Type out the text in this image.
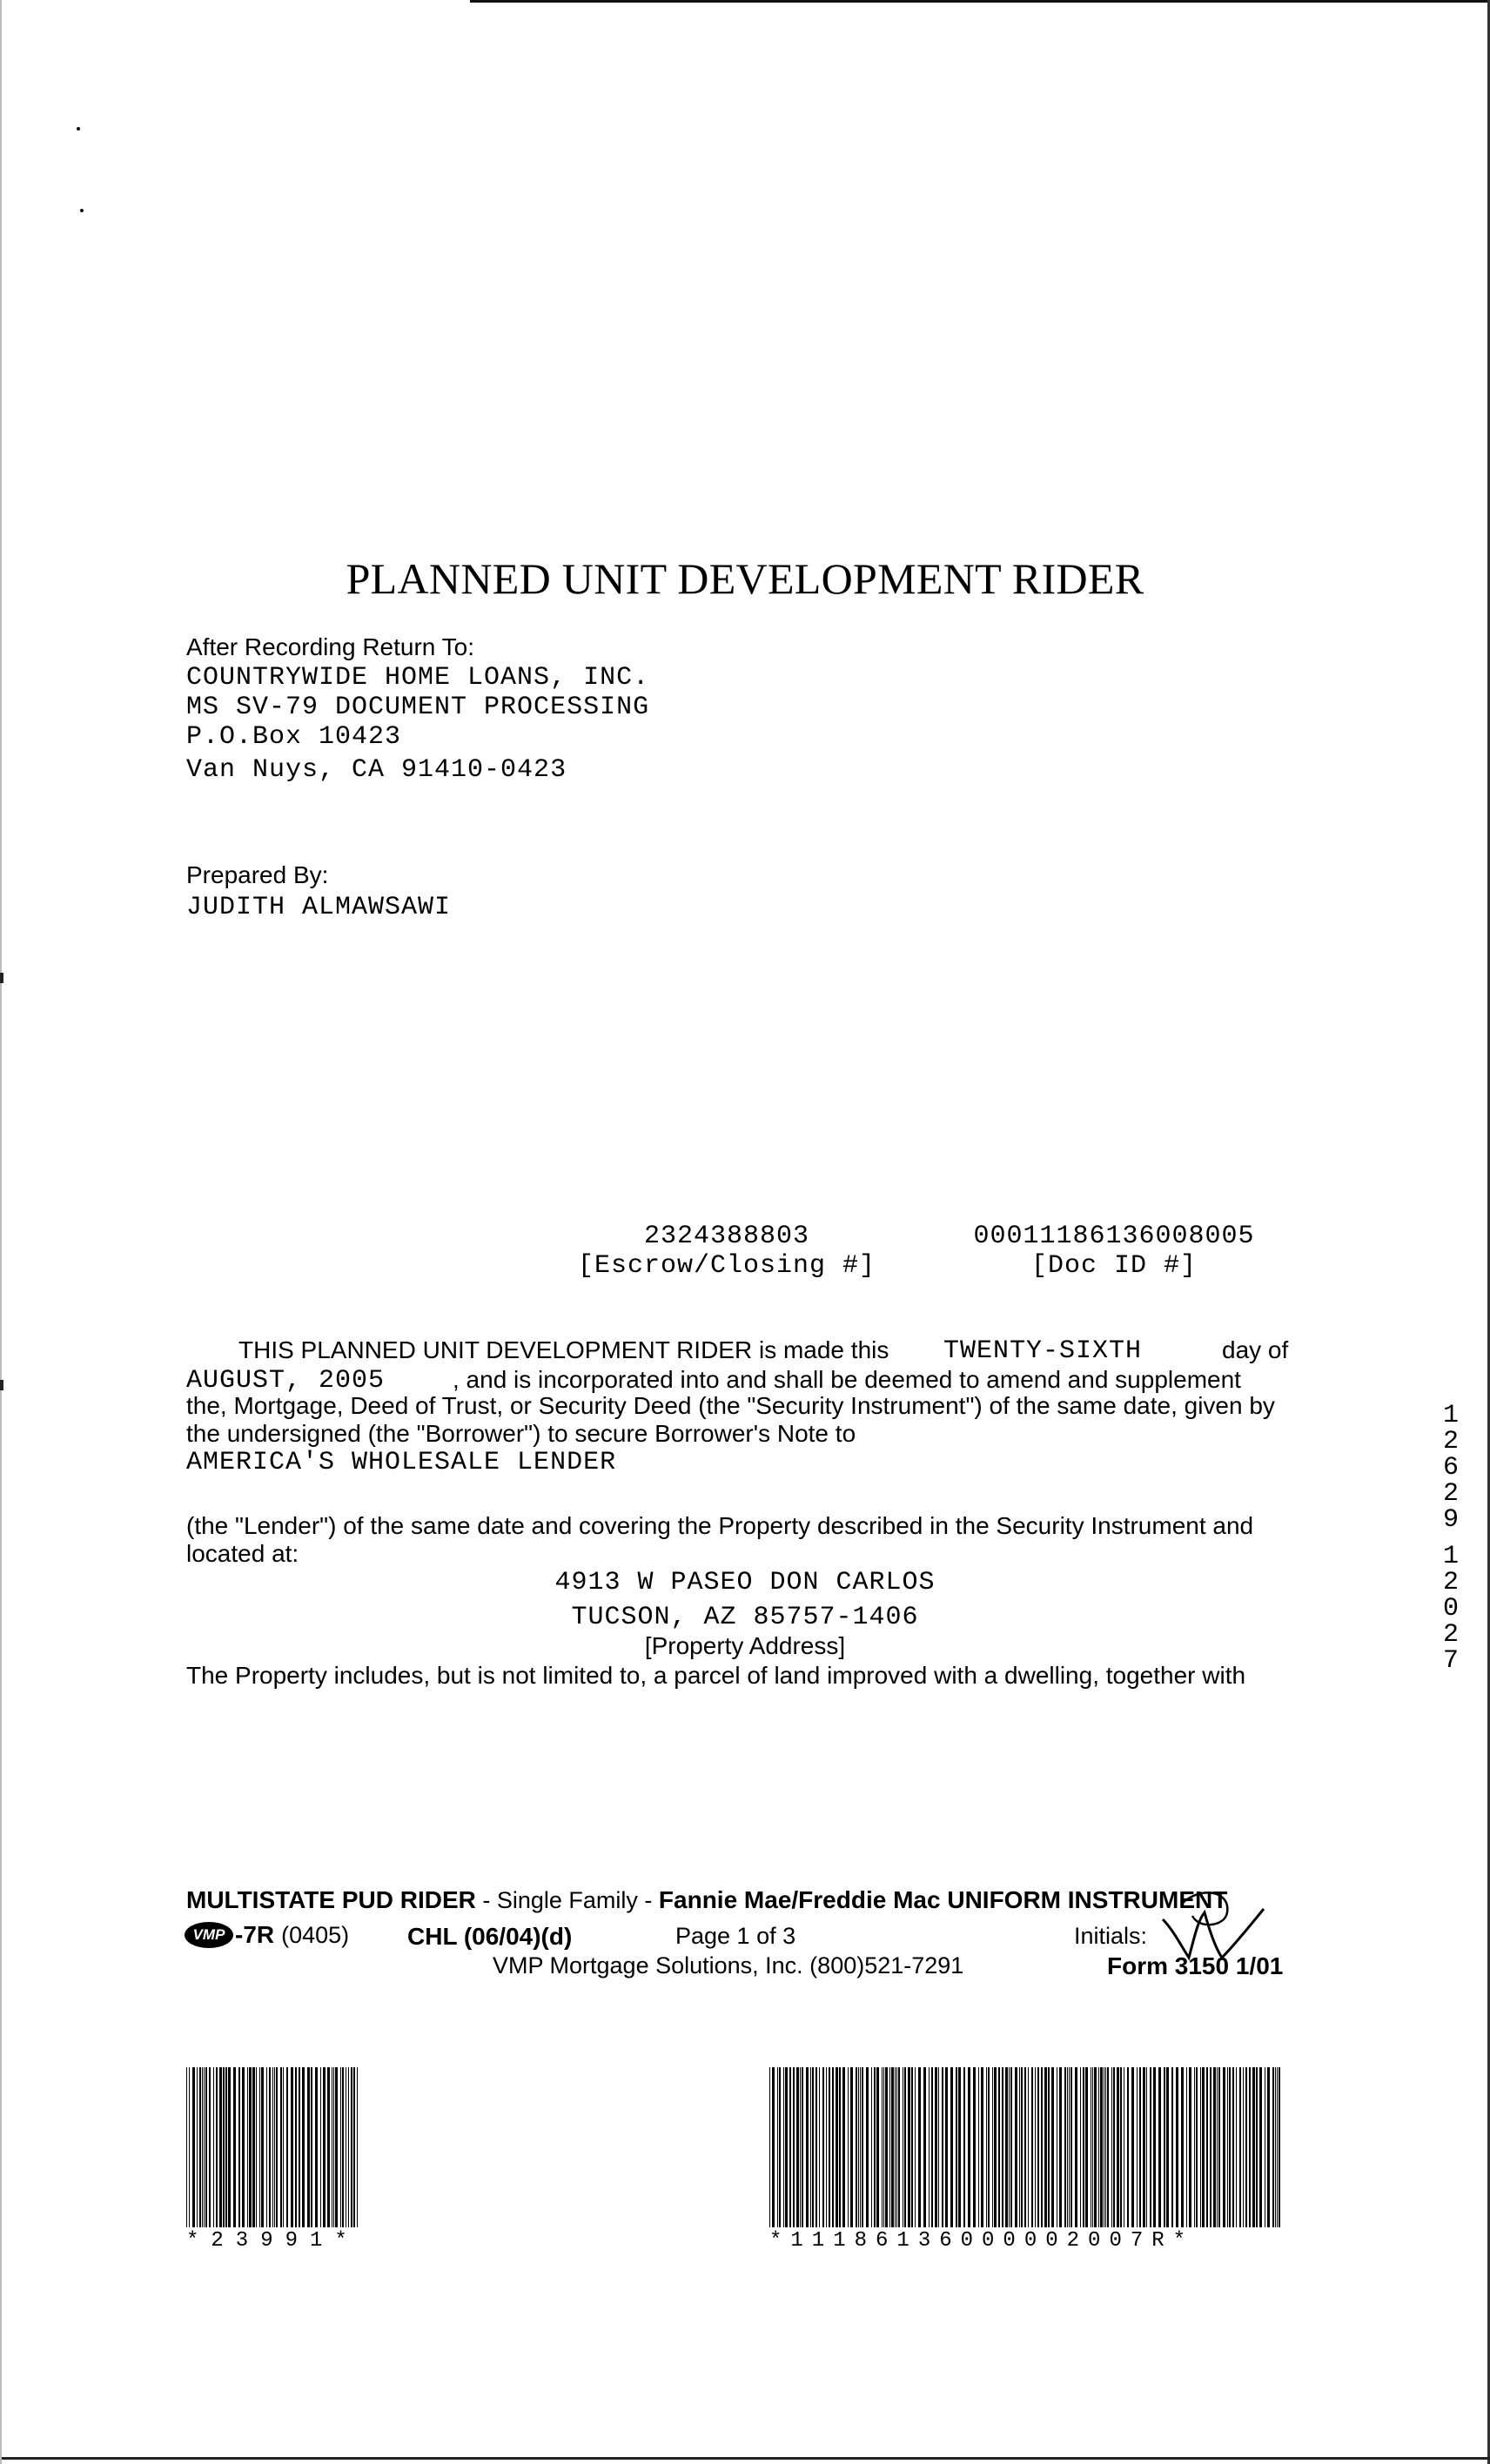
PLANNED UNIT DEVELOPMENT RIDER
After Recording Return To:
COUNTRYWIDE HOME LOANS, INC.
MS SV-79 DOCUMENT PROCESSING
P.O.Box 10423
Van Nuys, CA 91410-0423
Prepared By:
JUDITH ALMAWSAWI
2324388803
[Escrow/Closing #]
00011186136008005
[Doc ID #]
THIS PLANNED UNIT DEVELOPMENT RIDER is made this TWENTY-SIXTH	day of
AUGUST, 2005	, and is incorporated into and shall be deemed to amend and supplement
the, Mortgage, Deed of Trust, or Security Deed (the "Security Instrument") of the same date, given by
the undersigned (the "Borrower") to secure Borrower's Note to
AMERICA'S WHOLESALE LENDER
(the "Lender") of the same date and covering the Property described in the Security Instrument and
located at:
4913 W PASEO DON CARLOS
TUCSON, AZ 85757-1406
[Property Address]
The Property includes, but is not limited to, a parcel of land improved with a dwelling, together with
1
2
6
2
9
1
2
0
2
7
MULTISTATE PUD RIDER - Single Family - Fannie Mae/Freddie Mac UNIFORM INSTRUMENT
VMP -7R (0405) CHL (06/04)(d)	Page 1 of 3	Initials:
VMP Mortgage Solutions, Inc. (800)521-7291	Form 3150 1/01
*23991*	*11186136000002007R*
